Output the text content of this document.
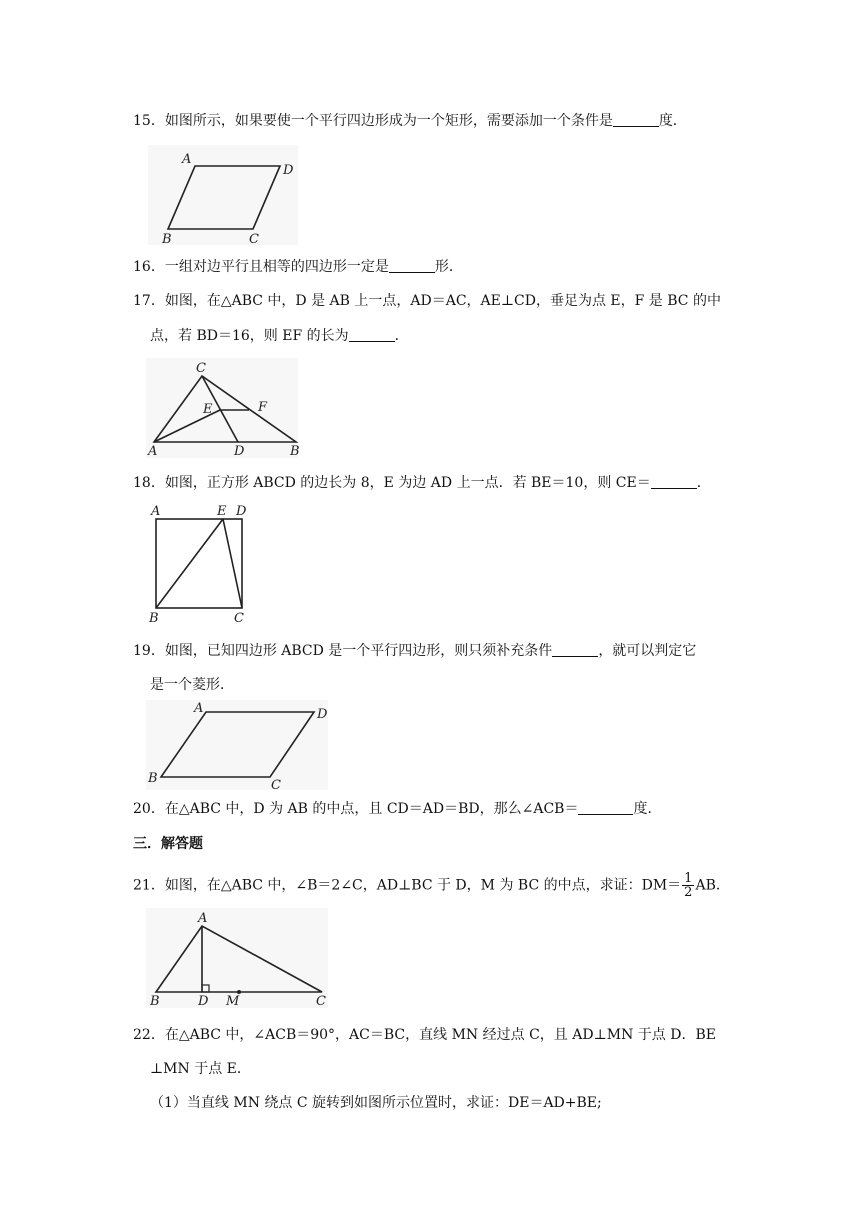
15．如图所示，如果要使一个平行四边形成为一个矩形，需要添加一个条件是	度．
A
D
B	C
16．一组对边平行且相等的四边形一定是	形．
17．如图，在△ABC 中，D 是 AB 上一点，AD＝AC，AE⊥CD，垂足为点 E，F 是 BC 的中
点，若 BD＝16，则 EF 的长为	．
C
E	F
A	D	B
18．如图，正方形 ABCD 的边长为 8，E 为边 AD 上一点．若 BE＝10，则 CE＝	．
A	E D
B	C
19．如图，已知四边形 ABCD 是一个平行四边形，则只须补充条件	，就可以判定它
是一个菱形．
A	D
B	C
20．在△ABC 中，D 为 AB 的中点，且 CD＝AD＝BD，那么∠ACB＝	度．
三．解答题
21．如图，在△ABC 中，∠B＝2∠C，AD⊥BC 于 D，M 为 BC 的中点，求证：$DM= \frac{1}{2}$ AB．
A
B	D M	C
22．在△ABC 中，∠ACB＝90°，AC＝BC，直线 MN 经过点 C，且 AD⊥MN 于点 D．BE
⊥MN 于点 E．
（1）当直线 MN 绕点 C 旋转到如图所示位置时，求证：DE＝AD+BE;
